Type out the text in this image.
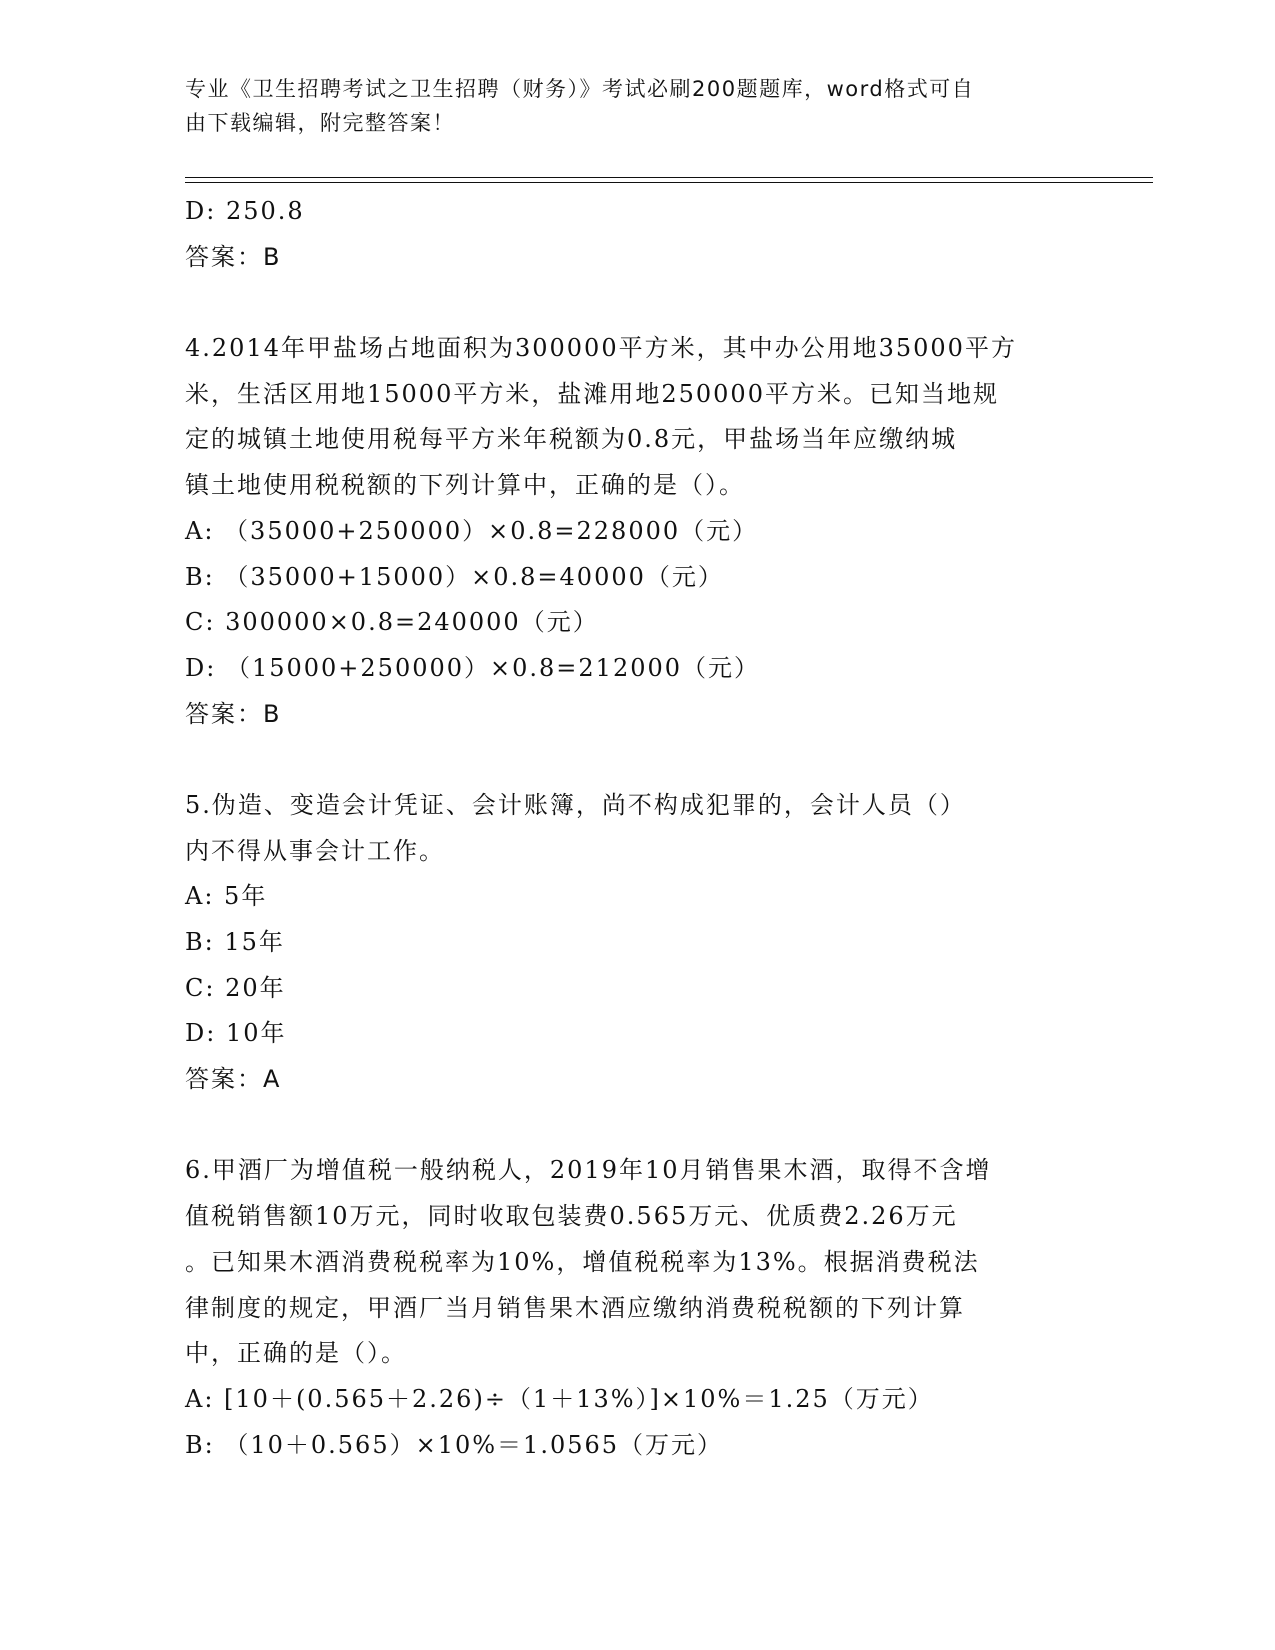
专业《卫生招聘考试之卫生招聘（财务）》考试必刷200题题库，word格式可自
由下载编辑，附完整答案！
D: 250.8
答案：B
4.2014年甲盐场占地面积为300000平方米，其中办公用地35000平方
米，生活区用地15000平方米，盐滩用地250000平方米。已知当地规
定的城镇土地使用税每平方米年税额为0.8元，甲盐场当年应缴纳城
镇土地使用税税额的下列计算中，正确的是（）。
A: （35000+250000）×0.8=228000（元）
B: （35000+15000）×0.8=40000（元）
C: 300000×0.8=240000（元）
D: （15000+250000）×0.8=212000（元）
答案：B
5.伪造、变造会计凭证、会计账簿，尚不构成犯罪的，会计人员（）
内不得从事会计工作。
A: 5年
B: 15年
C: 20年
D: 10年
答案：A
6.甲酒厂为增值税一般纳税人，2019年10月销售果木酒，取得不含增
值税销售额10万元，同时收取包装费0.565万元、优质费2.26万元
。已知果木酒消费税税率为10%，增值税税率为13%。根据消费税法
律制度的规定，甲酒厂当月销售果木酒应缴纳消费税税额的下列计算
中，正确的是（）。
A: [10＋(0.565＋2.26)÷（1＋13%）]×10%＝1.25（万元）
B: （10＋0.565）×10%＝1.0565（万元）
